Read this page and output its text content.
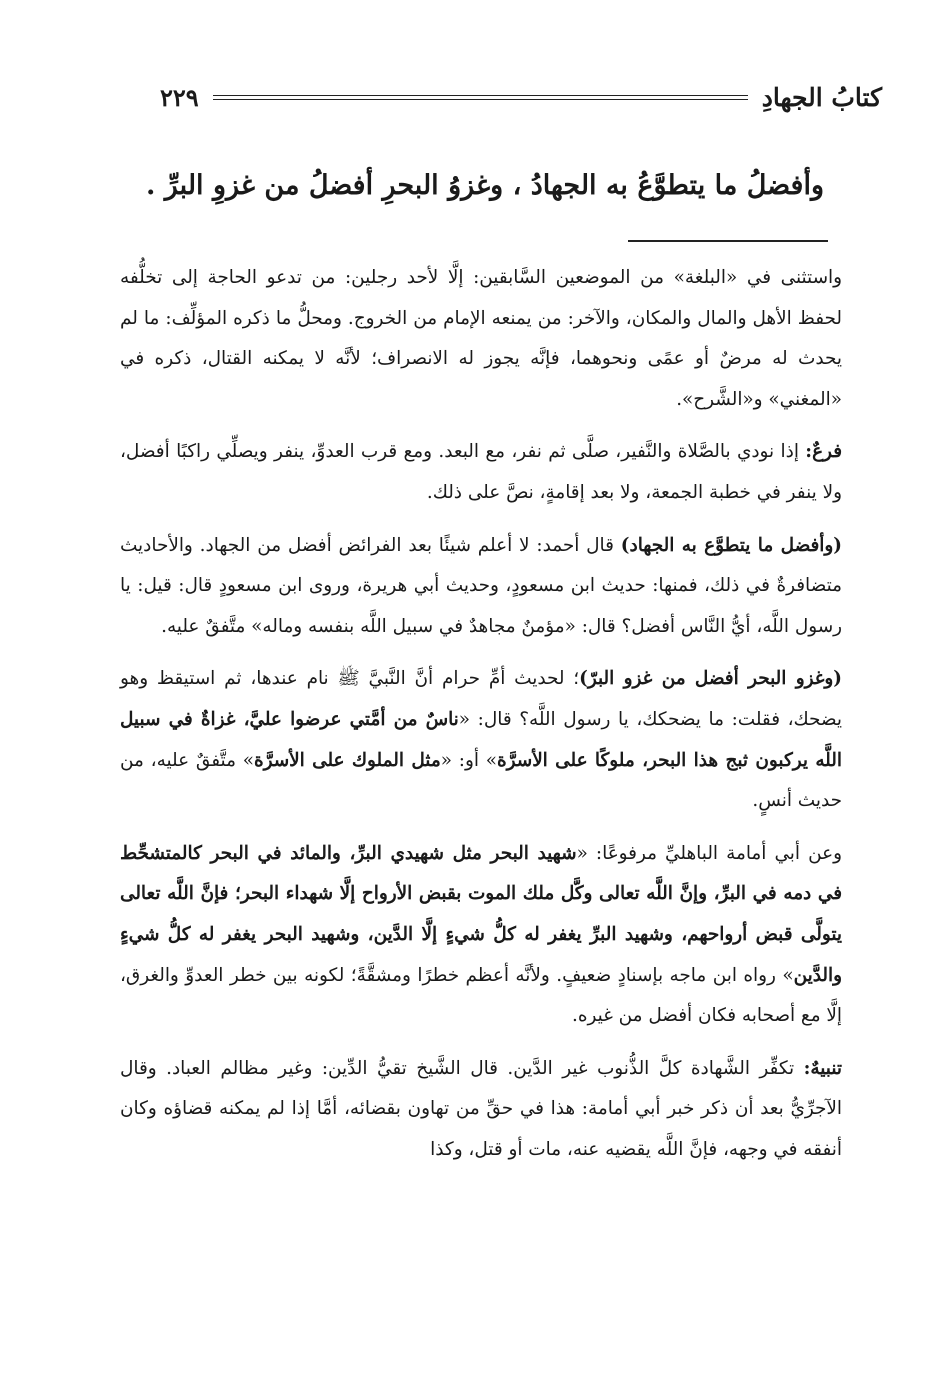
كتابُ الجهادِ
٢٢٩
وأفضلُ ما يتطوَّعُ به الجهادُ ، وغزوُ البحرِ أفضلُ من غزوِ البرِّ .

واستثنى في «البلغة» من الموضعين السَّابقين: إلَّا لأحد رجلين: من تدعو الحاجة إلى تخلُّفه لحفظ الأهل والمال والمكان، والآخر: من يمنعه الإمام من الخروج. ومحلُّ ما ذكره المؤلِّف: ما لم يحدث له مرضٌ أو عمًى ونحوهما، فإنَّه يجوز له الانصراف؛ لأنَّه لا يمكنه القتال، ذكره في «المغني» و«الشَّرح».

فرعٌ: إذا نودي بالصَّلاة والنَّفير، صلَّى ثم نفر، مع البعد. ومع قرب العدوِّ، ينفر ويصلِّي راكبًا أفضل، ولا ينفر في خطبة الجمعة، ولا بعد إقامةٍ، نصَّ على ذلك.

(وأفضل ما يتطوَّع به الجهاد) قال أحمد: لا أعلم شيئًا بعد الفرائض أفضل من الجهاد. والأحاديث متضافرةٌ في ذلك، فمنها: حديث ابن مسعودٍ، وحديث أبي هريرة، وروى ابن مسعودٍ قال: قيل: يا رسول اللَّه، أيُّ النَّاس أفضل؟ قال: «مؤمنٌ مجاهدٌ في سبيل اللَّه بنفسه وماله» متَّفقٌ عليه.

(وغزو البحر أفضل من غزو البرّ)؛ لحديث أمِّ حرام أنَّ النَّبيَّ ﷺ نام عندها، ثم استيقظ وهو يضحك، فقلت: ما يضحكك، يا رسول اللَّه؟ قال: «ناسٌ من أمَّتي عرضوا عليَّ، غزاةٌ في سبيل اللَّه يركبون ثبج هذا البحر، ملوكًا على الأسرَّة» أو: «مثل الملوك على الأسرَّة» متَّفقٌ عليه، من حديث أنسٍ.

وعن أبي أمامة الباهليِّ مرفوعًا: «شهيد البحر مثل شهيدي البرِّ، والمائد في البحر كالمتشحِّط في دمه في البرِّ، وإنَّ اللَّه تعالى وكَّل ملك الموت بقبض الأرواح إلَّا شهداء البحر؛ فإنَّ اللَّه تعالى يتولَّى قبض أرواحهم، وشهيد البرِّ يغفر له كلُّ شيءٍ إلَّا الدَّين، وشهيد البحر يغفر له كلُّ شيءٍ والدَّين» رواه ابن ماجه بإسنادٍ ضعيفٍ. ولأنَّه أعظم خطرًا ومشقَّةً؛ لكونه بين خطر العدوِّ والغرق، إلَّا مع أصحابه فكان أفضل من غيره.

تنبيهٌ: تكفِّر الشَّهادة كلَّ الذُّنوب غير الدَّين. قال الشَّيخ تقيُّ الدِّين: وغير مظالم العباد. وقال الآجرِّيُّ بعد أن ذكر خبر أبي أمامة: هذا في حقِّ من تهاون بقضائه، أمَّا إذا لم يمكنه قضاؤه وكان أنفقه في وجهه، فإنَّ اللَّه يقضيه عنه، مات أو قتل، وكذا
